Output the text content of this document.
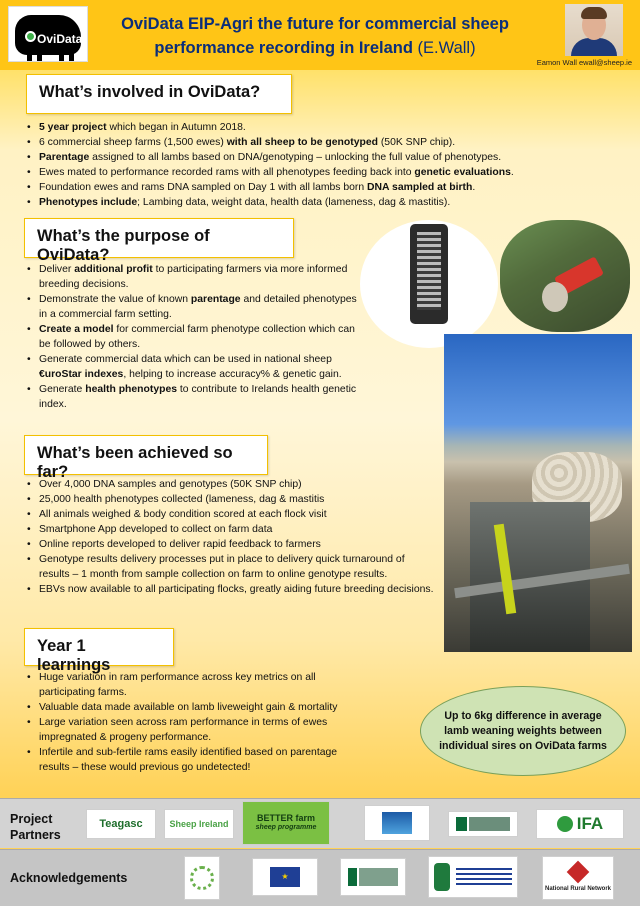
OviData
OviData EIP-Agri the future for commercial sheep performance recording in Ireland (E.Wall)
Eamon Wall ewall@sheep.ie
What’s involved in OviData?
• 5 year project which began in Autumn 2018.
• 6 commercial sheep farms (1,500 ewes) with all sheep to be genotyped (50K SNP chip).
• Parentage assigned to all lambs based on DNA/genotyping – unlocking the full value of phenotypes.
• Ewes mated to performance recorded rams with all phenotypes feeding back into genetic evaluations.
• Foundation ewes and rams DNA sampled on Day 1 with all lambs born DNA sampled at birth.
• Phenotypes include; Lambing data, weight data, health data (lameness, dag & mastitis).
What’s the purpose of OviData?
• Deliver additional profit to participating farmers via more informed breeding decisions.
• Demonstrate the value of known parentage and detailed phenotypes in a commercial farm setting.
• Create a model for commercial farm phenotype collection which can be followed by others.
• Generate commercial data which can be used in national sheep €uroStar indexes, helping to increase accuracy% & genetic gain.
• Generate health phenotypes to contribute to Irelands health genetic index.
What’s been achieved so far?
• Over 4,000 DNA samples and genotypes (50K SNP chip)
• 25,000 health phenotypes collected (lameness, dag & mastitis
• All animals weighed & body condition scored at each flock visit
• Smartphone App developed to collect on farm data
• Online reports developed to deliver rapid feedback to farmers
• Genotype results delivery processes put in place to delivery quick turnaround of results – 1 month from sample collection on farm to online genotype results.
• EBVs now available to all participating flocks, greatly aiding future breeding decisions.
Year 1 learnings
• Huge variation in ram performance across key metrics on all participating farms.
• Valuable data made available on lamb liveweight gain & mortality
• Large variation seen across ram performance in terms of ewes impregnated & progeny performance.
• Infertile and sub-fertile rams easily identified based on parentage results – these would previous go undetected!
Up to 6kg difference in average lamb weaning weights between individual sires on OviData farms
Project Partners
Teagasc	Sheep Ireland
BETTER farm
sheep programme	IFA
Acknowledgements	★
National Rural Network
